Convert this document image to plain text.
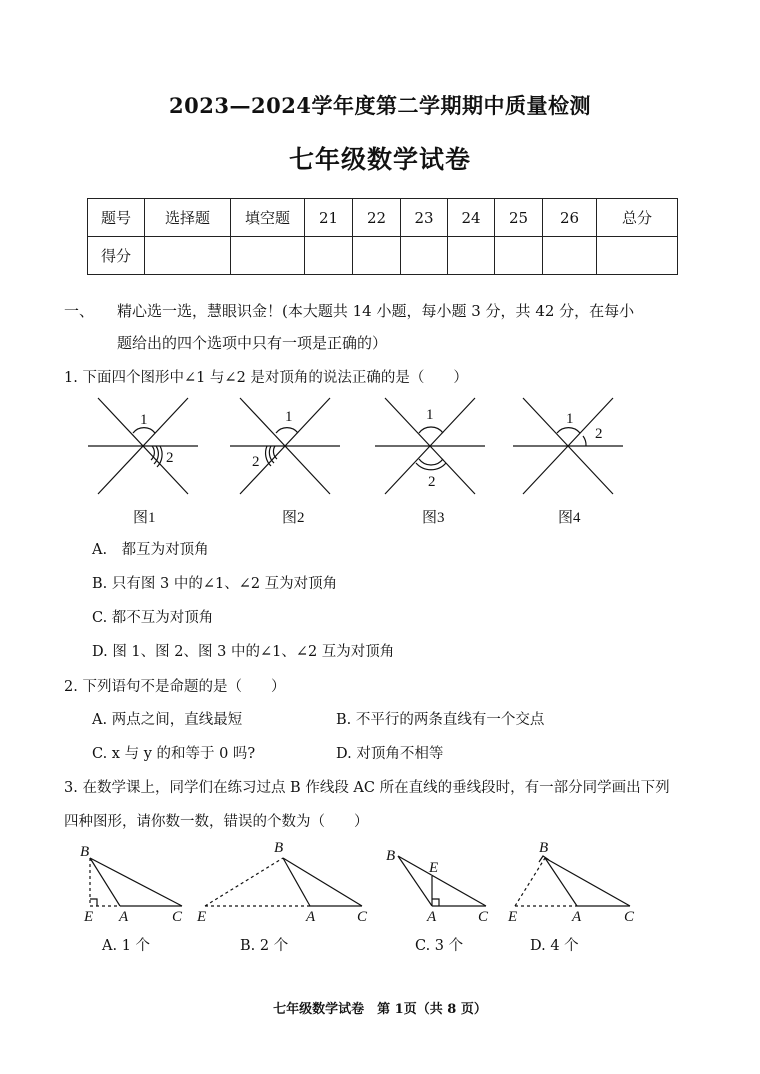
2023—2024学年度第二学期期中质量检测
七年级数学试卷
题号	选择题	填空题	21	22	23	24	25	26	总分
得分									
一、 精心选一选，慧眼识金！(本大题共 14 小题，每小题 3 分，共 42 分，在每小
题给出的四个选项中只有一项是正确的）
1. 下面四个图形中∠1 与∠2 是对顶角的说法正确的是（　　）
1
2
1
2
1
2
1
2
图1	图2	图3	图4
B
E A	C
B
E	A	C
B
E
A	C
B
E	A	C
A.　都互为对顶角
B. 只有图 3 中的∠1、∠2 互为对顶角
C. 都不互为对顶角
D. 图 1、图 2、图 3 中的∠1、∠2 互为对顶角
2. 下列语句不是命题的是（　　）
A. 两点之间，直线最短	B. 不平行的两条直线有一个交点
C. x 与 y 的和等于 0 吗?	D. 对顶角不相等
3. 在数学课上，同学们在练习过点 B 作线段 AC 所在直线的垂线段时，有一部分同学画出下列
四种图形，请你数一数，错误的个数为（　　）
A. 1 个	B. 2 个	C. 3 个	D. 4 个
七年级数学试卷　第 1页（共 8 页）
